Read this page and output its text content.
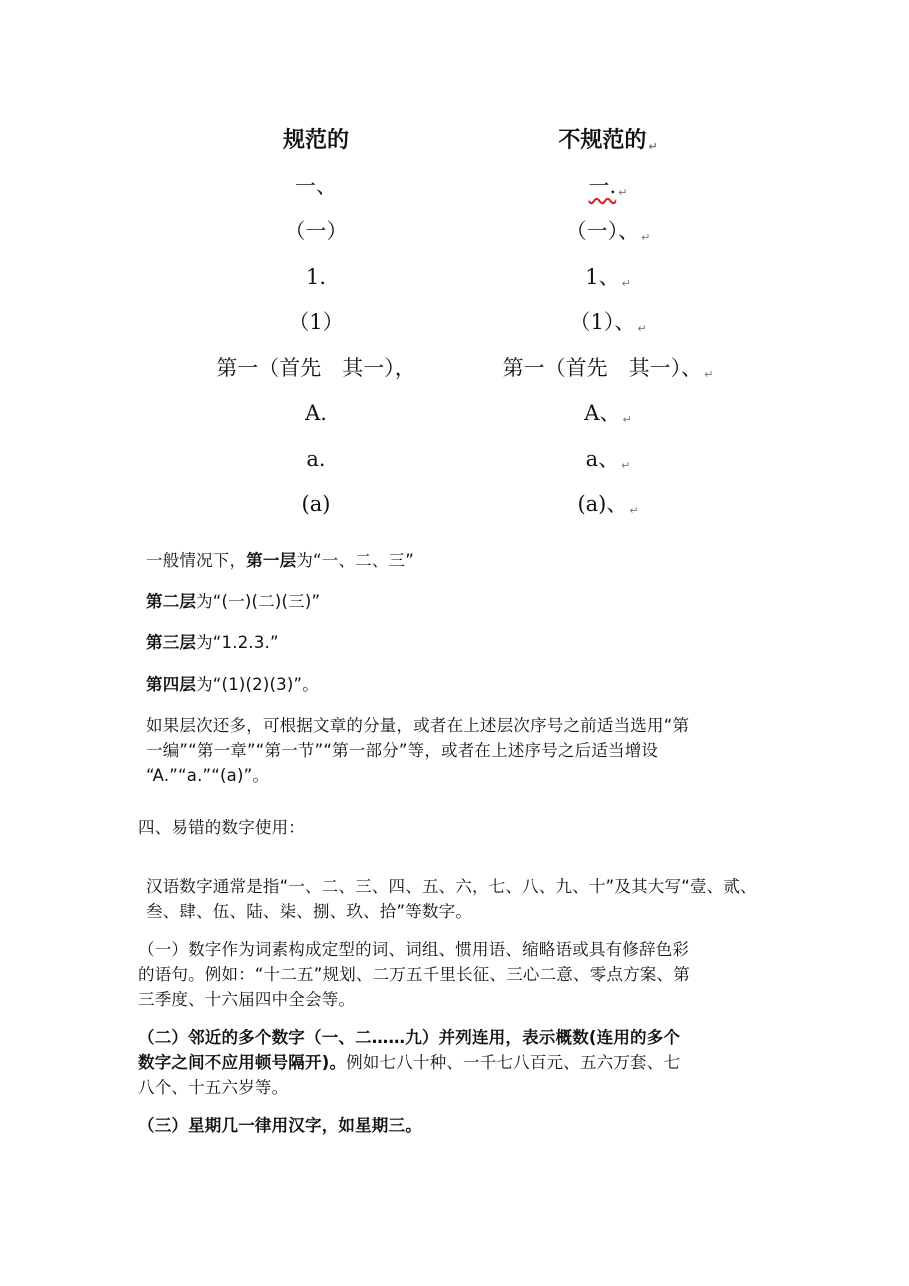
规范的	不规范的 ↵
一、	一. ↵
（一）	（一）、 ↵
1.	1、 ↵
（1）	（1）、 ↵
第一（首先　其一），	第一（首先　其一）、 ↵
A.	A、 ↵
a.	a、 ↵
(a)	(a)、 ↵
一般情况下，第一层为“一、二、三”
第二层为“(一)(二)(三)”
第三层为“1.2.3.”
第四层为“(1)(2)(3)”。
如果层次还多，可根据文章的分量，或者在上述层次序号之前适当选用“第
一编”“第一章”“第一节”“第一部分”等，或者在上述序号之后适当增设
“A.”“a.”“(a)”。
四、易错的数字使用：
汉语数字通常是指“一、二、三、四、五、六，七、八、九、十”及其大写“壹、贰、
叁、肆、伍、陆、柒、捌、玖、拾”等数字。
（一）数字作为词素构成定型的词、词组、惯用语、缩略语或具有修辞色彩
的语句。例如：“十二五”规划、二万五千里长征、三心二意、零点方案、第
三季度、十六届四中全会等。
（二）邻近的多个数字（一、二……九）并列连用，表示概数(连用的多个
数字之间不应用顿号隔开)。例如七八十种、一千七八百元、五六万套、七
八个、十五六岁等。
（三）星期几一律用汉字，如星期三。
